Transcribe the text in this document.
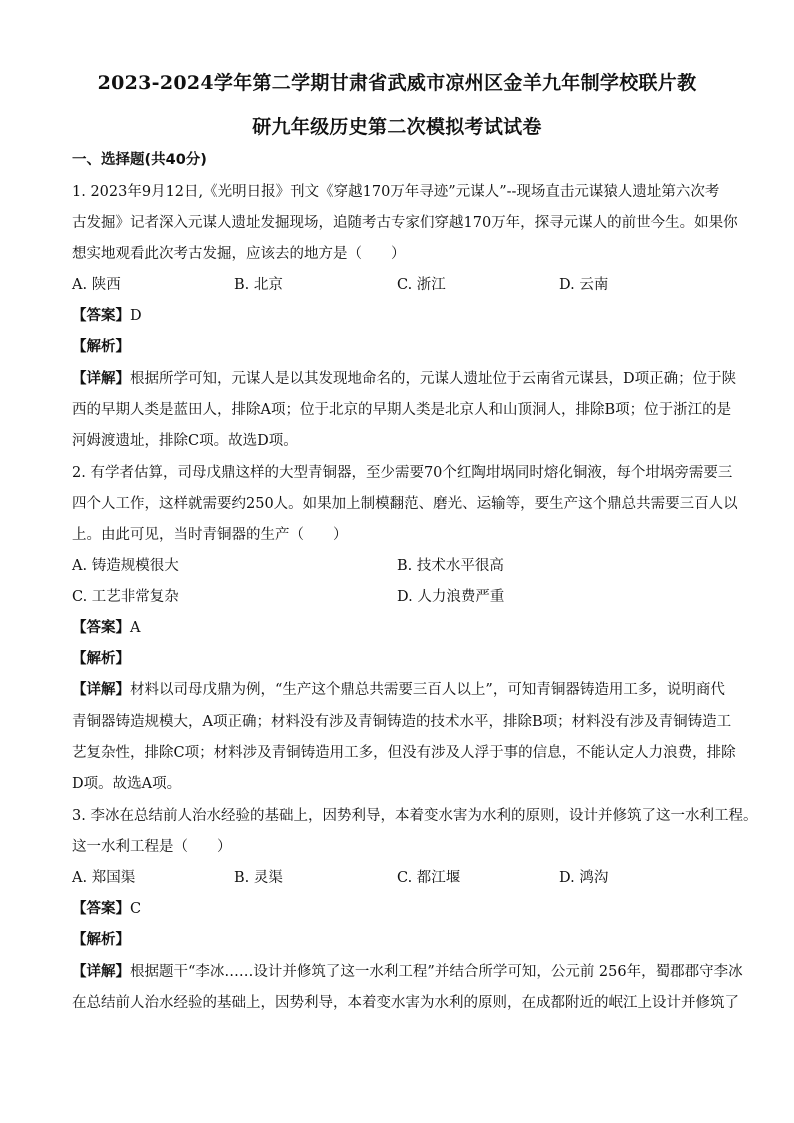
2023-2024学年第二学期甘肃省武威市凉州区金羊九年制学校联片教
研九年级历史第二次模拟考试试卷
一、选择题(共40分)
1. 2023年9月12日,《光明日报》刊文《穿越170万年寻迹”元谋人”--现场直击元谋猿人遗址第六次考
古发掘》记者深入元谋人遗址发掘现场，追随考古专家们穿越170万年，探寻元谋人的前世今生。如果你
想实地观看此次考古发掘，应该去的地方是（　　）
A. 陕西	B. 北京	C. 浙江	D. 云南
【答案】D
【解析】
【详解】根据所学可知，元谋人是以其发现地命名的，元谋人遗址位于云南省元谋县，D项正确；位于陕
西的早期人类是蓝田人，排除A项；位于北京的早期人类是北京人和山顶洞人，排除B项；位于浙江的是
河姆渡遗址，排除C项。故选D项。
2. 有学者估算，司母戊鼎这样的大型青铜器，至少需要70个红陶坩埚同时熔化铜液，每个坩埚旁需要三
四个人工作，这样就需要约250人。如果加上制模翻范、磨光、运输等，要生产这个鼎总共需要三百人以
上。由此可见，当时青铜器的生产（　　）
A. 铸造规模很大	B. 技术水平很高
C. 工艺非常复杂	D. 人力浪费严重
【答案】A
【解析】
【详解】材料以司母戊鼎为例，“生产这个鼎总共需要三百人以上”，可知青铜器铸造用工多，说明商代
青铜器铸造规模大，A项正确；材料没有涉及青铜铸造的技术水平，排除B项；材料没有涉及青铜铸造工
艺复杂性，排除C项；材料涉及青铜铸造用工多，但没有涉及人浮于事的信息，不能认定人力浪费，排除
D项。故选A项。
3. 李冰在总结前人治水经验的基础上，因势利导，本着变水害为水利的原则，设计并修筑了这一水利工程。
这一水利工程是（　　）
A. 郑国渠	B. 灵渠	C. 都江堰	D. 鸿沟
【答案】C
【解析】
【详解】根据题干“李冰……设计并修筑了这一水利工程”并结合所学可知，公元前 256年，蜀郡郡守李冰
在总结前人治水经验的基础上，因势利导，本着变水害为水利的原则，在成都附近的岷江上设计并修筑了
